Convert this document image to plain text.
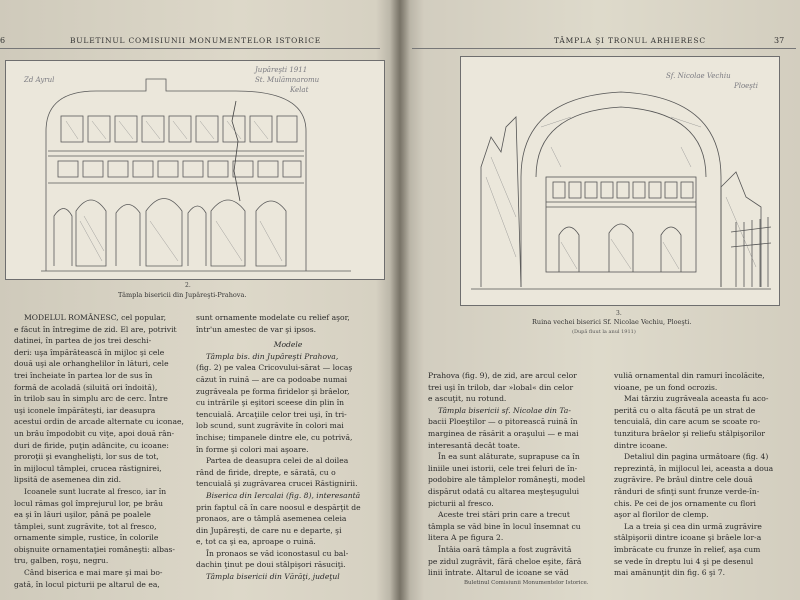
6	BULETINUL COMISIUNII MONUMENTELOR ISTORICE
Zd Ayrul
Jupâreşti 1911
St. Mulămnaromu
Kelat
2.
Tâmpla bisericii din Jupâreşti-Prahova.
MODELUL ROMÂNESC, cel popular,
e făcut în întregime de zid. El are, potrivit
datinei, în partea de jos trei deschi-
deri: uşa împărătească în mijloc şi cele
două uşi ale orhanghelilor în lături, cele
trei încheiate în partea lor de sus în
formă de acoladă (siluită ori îndoită),
în trilob sau în simplu arc de cerc. Între
uşi iconele împărăteşti, iar deasupra
acestui ordin de arcade alternate cu iconae,
un brâu împodobit cu viţe, apoi două rân-
duri de firide, puţin adâncite, cu icoane:
proroţii şi evanghelişti, lor sus de tot,
în mijlocul tâmplei, crucea răstignirei,
lipsită de asemenea din zid.
Icoanele sunt lucrate al fresco, iar în
locul rămas gol împrejurul lor, pe brâu
ea şi în lăuri uşilor, până pe poalele
tâmplei, sunt zugrăvite, tot al fresco,
ornamente simple, rustice, în colorile
obişnuite ornamentaţiei româneşti: albas-
tru, galben, roşu, negru.
Când biserica e mai mare şi mai bo-
gată, în locul picturii pe altarul de ea,
sunt ornamente modelate cu relief aşor,
într'un amestec de var şi ipsos.
Modele
Tâmpla bis. din Jupâreşti Prahova,
(fig. 2) pe valea Cricovului-sărat — locaş
căzut în ruină — are ca podoabe numai
zugrăveala pe forma firidelor şi brâelor,
cu intrările şi eşitori sceese din plin în
tencuială. Arcaţiile celor trei uşi, în tri-
lob scund, sunt zugrăvite în colori mai
închise; timpanele dintre ele, cu potrivă,
în forme şi colori mai aşoare.
Partea de deasupra celei de al doilea
rând de firide, drepte, e sărată, cu o
tencuială şi zugrăvarea crucei Răstignirii.
Biserica din Iercalai (fig. 8), interesantă
prin faptul că în care noosul e despărţit de
pronaos, are o tâmplă asemenea celeia
din Jupâreşti, de care nu e departe, şi
e, tot ca şi ea, aproape o ruină.
În pronaos se văd iconostasul cu bal-
dachin ţinut pe doui stâlpişori răsuciţi.
Tâmpla bisericii din Vărăţi, judeţul
TÂMPLA ŞI TRONUL ARHIERESC	37
Sf. Nicolae Vechiu
Ploeşti
3.
Ruina vechei biserici Sf. Nicolae Vechiu, Ploeşti.
(După fluut la anul 1911)
Prahova (fig. 9), de zid, are arcul celor
trei uşi în trilob, dar »lobal« din celor
e ascuţit, nu rotund.
Tâmpla bisericii sf. Nicolae din Ta-
bacii Ploeştilor — o pitorească ruină în
marginea de răsărit a oraşului — e mai
interesantă decât toate.
În ea sunt alăturate, suprapuse ca în
liniile unei istorii, cele trei feluri de în-
podobire ale tâmplelor româneşti, model
dispărut odată cu altarea meşteşugului
picturii al fresco.
Aceste trei stări prin care a trecut
tâmpla se văd bine în locul însemnat cu
litera A pe figura 2.
Întâia oară tâmpla a fost zugrăvită
pe zidul zugrăvit, fără cheloe eşite, fără
linii întrate. Altarul de icoane se văd
vuliă ornamental din ramuri încolăcite,
vioane, pe un fond ocrozis.
Mai târziu zugrăveala aceasta fu aco-
perită cu o alta făcută pe un strat de
tencuială, din care acum se scoate ro-
tunzitura brâelor şi reliefu stâlpişorilor
dintre icoane.
Detaliul din pagina următoare (fig. 4)
reprezintă, în mijlocul lei, aceasta a doua
zugrăvire. Pe brâul dintre cele două
rânduri de sfinţi sunt frunze verde-în-
chis. Pe cei de jos ornamente cu flori
aşor al florilor de clemp.
La a treia şi cea din urmă zugrăvire
stâlpişorii dintre icoane şi brâele lor-a
îmbrăcate cu frunze în relief, aşa cum
se vede în dreptu lui 4 şi pe desenul
mai amănunţit din fig. 6 şi 7.
Buletinul Comisiunii Monumentelor Istorice.
